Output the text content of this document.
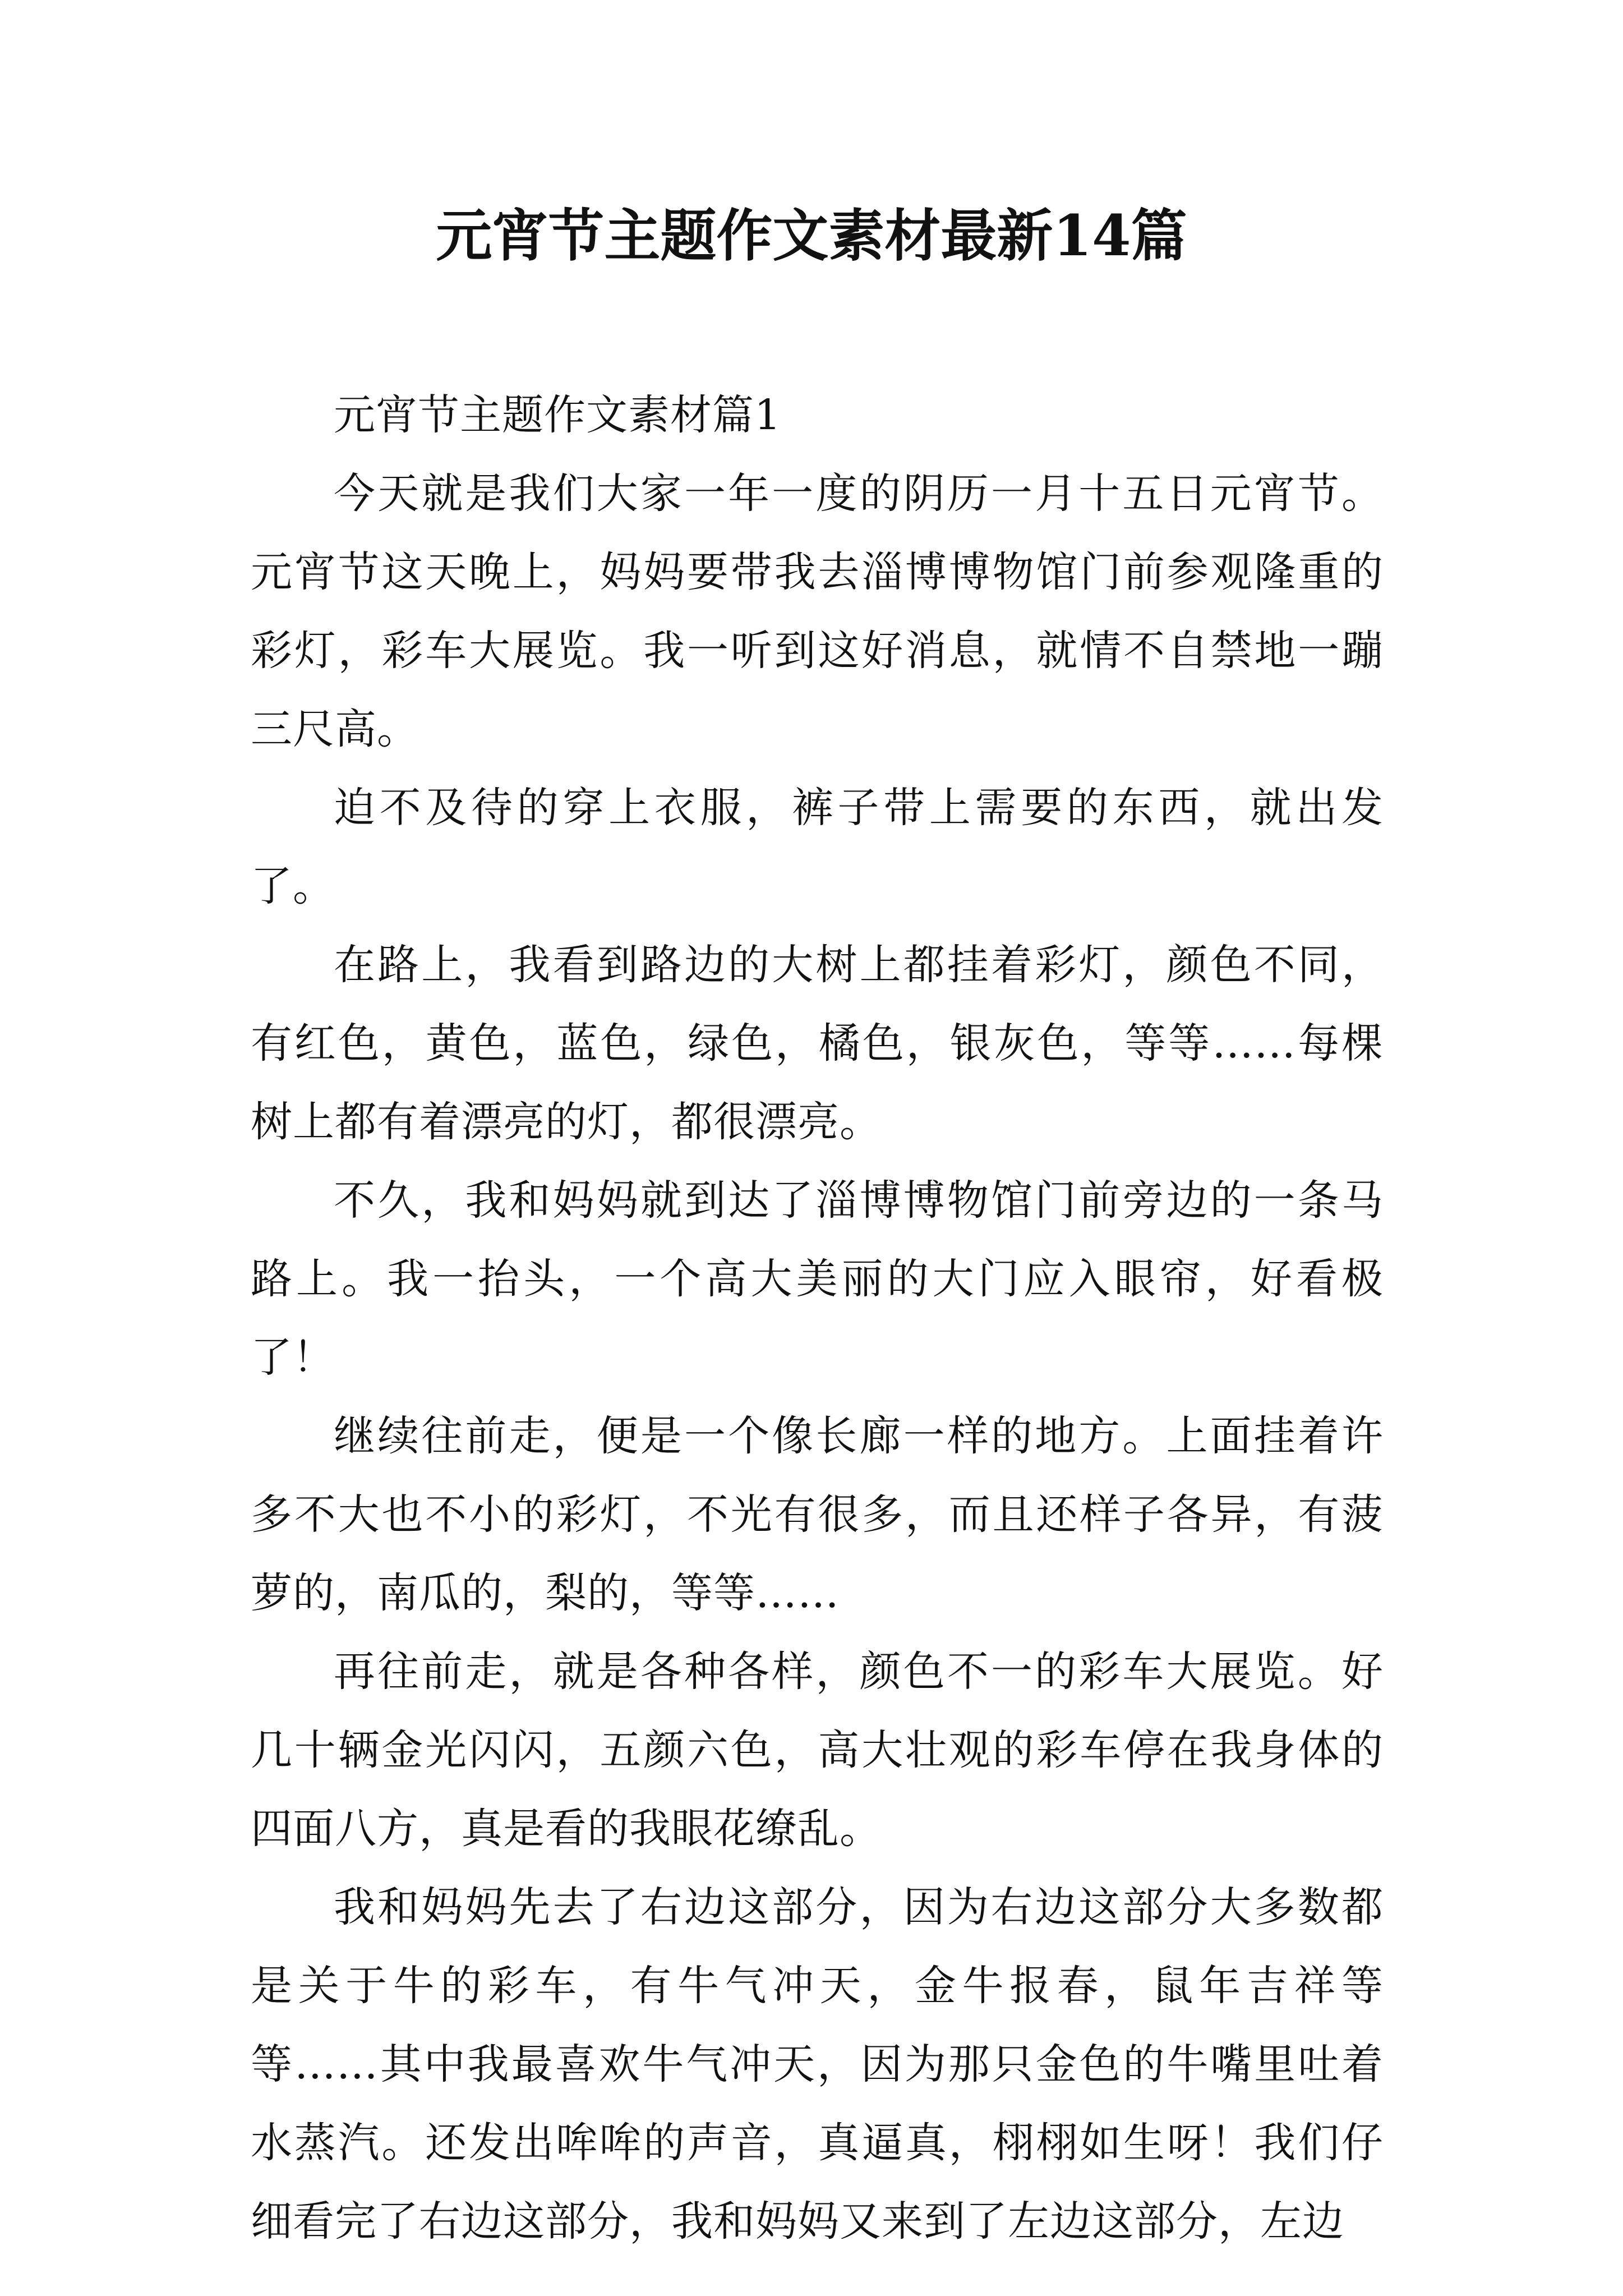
元宵节主题作文素材最新14篇

元宵节主题作文素材篇1

今天就是我们大家一年一度的阴历一月十五日元宵节。元宵节这天晚上，妈妈要带我去淄博博物馆门前参观隆重的彩灯，彩车大展览。我一听到这好消息，就情不自禁地一蹦三尺高。

迫不及待的穿上衣服，裤子带上需要的东西，就出发了。

在路上，我看到路边的大树上都挂着彩灯，颜色不同，有红色，黄色，蓝色，绿色，橘色，银灰色，等等……每棵树上都有着漂亮的灯，都很漂亮。

不久，我和妈妈就到达了淄博博物馆门前旁边的一条马路上。我一抬头，一个高大美丽的大门应入眼帘，好看极了！

继续往前走，便是一个像长廊一样的地方。上面挂着许多不大也不小的彩灯，不光有很多，而且还样子各异，有菠萝的，南瓜的，梨的，等等……

再往前走，就是各种各样，颜色不一的彩车大展览。好几十辆金光闪闪，五颜六色，高大壮观的彩车停在我身体的四面八方，真是看的我眼花缭乱。

我和妈妈先去了右边这部分，因为右边这部分大多数都是关于牛的彩车，有牛气冲天，金牛报春，鼠年吉祥等等……其中我最喜欢牛气冲天，因为那只金色的牛嘴里吐着水蒸汽。还发出哞哞的声音，真逼真，栩栩如生呀！我们仔细看完了右边这部分，我和妈妈又来到了左边这部分，左边
